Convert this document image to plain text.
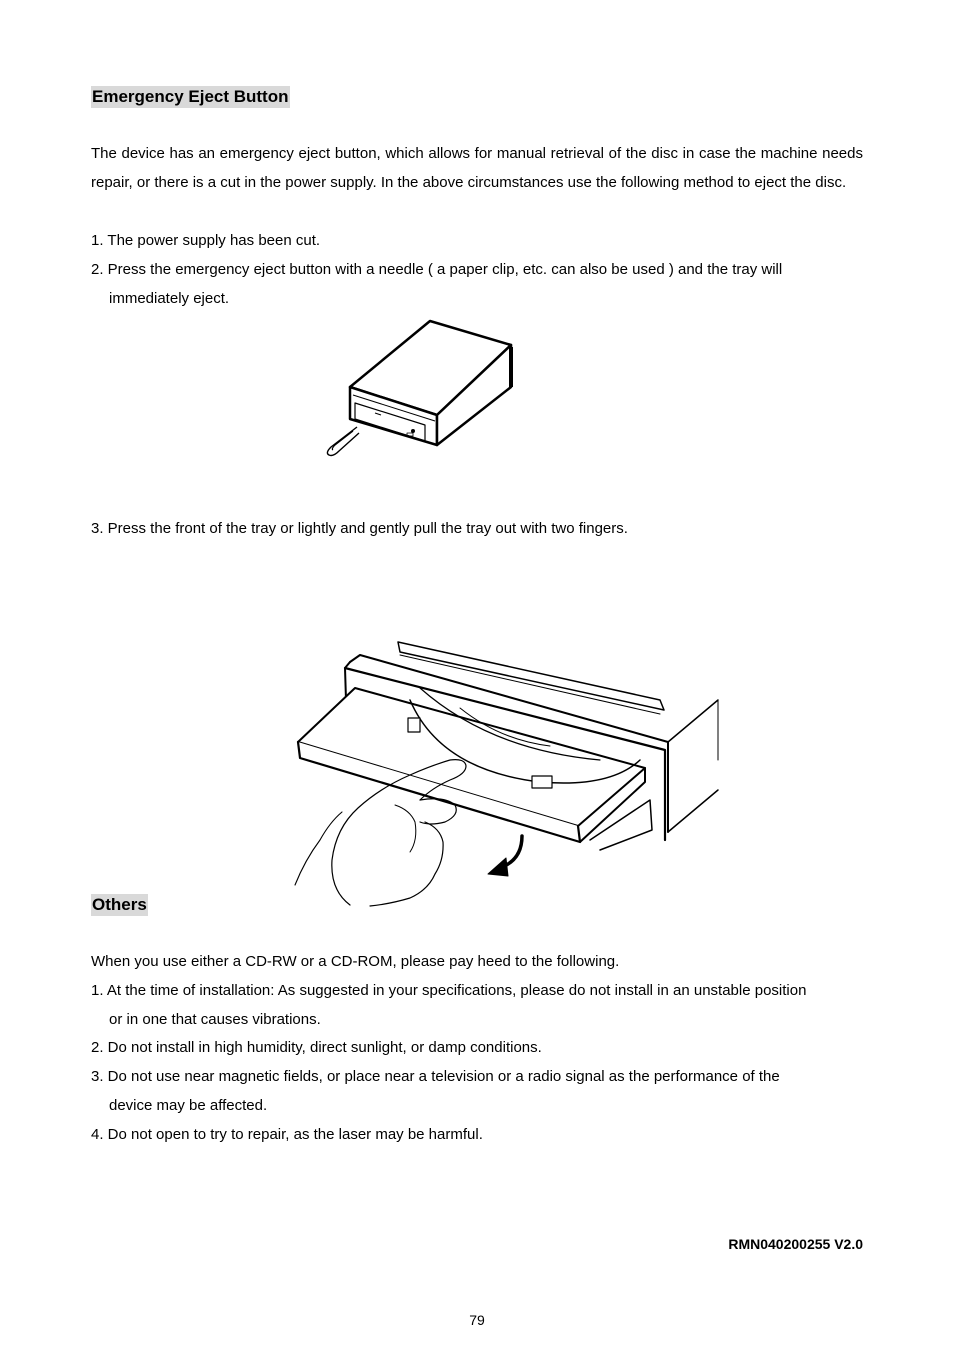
Emergency Eject Button

The device has an emergency eject button, which allows for manual retrieval of the disc in case the machine needs repair, or there is a cut in the power supply. In the above circumstances use the following method to eject the disc.

1. The power supply has been cut.

2. Press the emergency eject button with a needle ( a paper clip, etc. can also be used ) and the tray will
immediately eject.

3. Press the front of the tray or lightly and gently pull the tray out with two fingers.

Others

When you use either a CD-RW or a CD-ROM, please pay heed to the following.

1. At the time of installation: As suggested in your specifications, please do not install in an unstable position
or in one that causes vibrations.

2. Do not install in high humidity, direct sunlight, or damp conditions.

3. Do not use near magnetic fields, or place near a television or a radio signal as the performance of the
device may be affected.

4. Do not open to try to repair, as the laser may be harmful.

RMN040200255 V2.0
79
